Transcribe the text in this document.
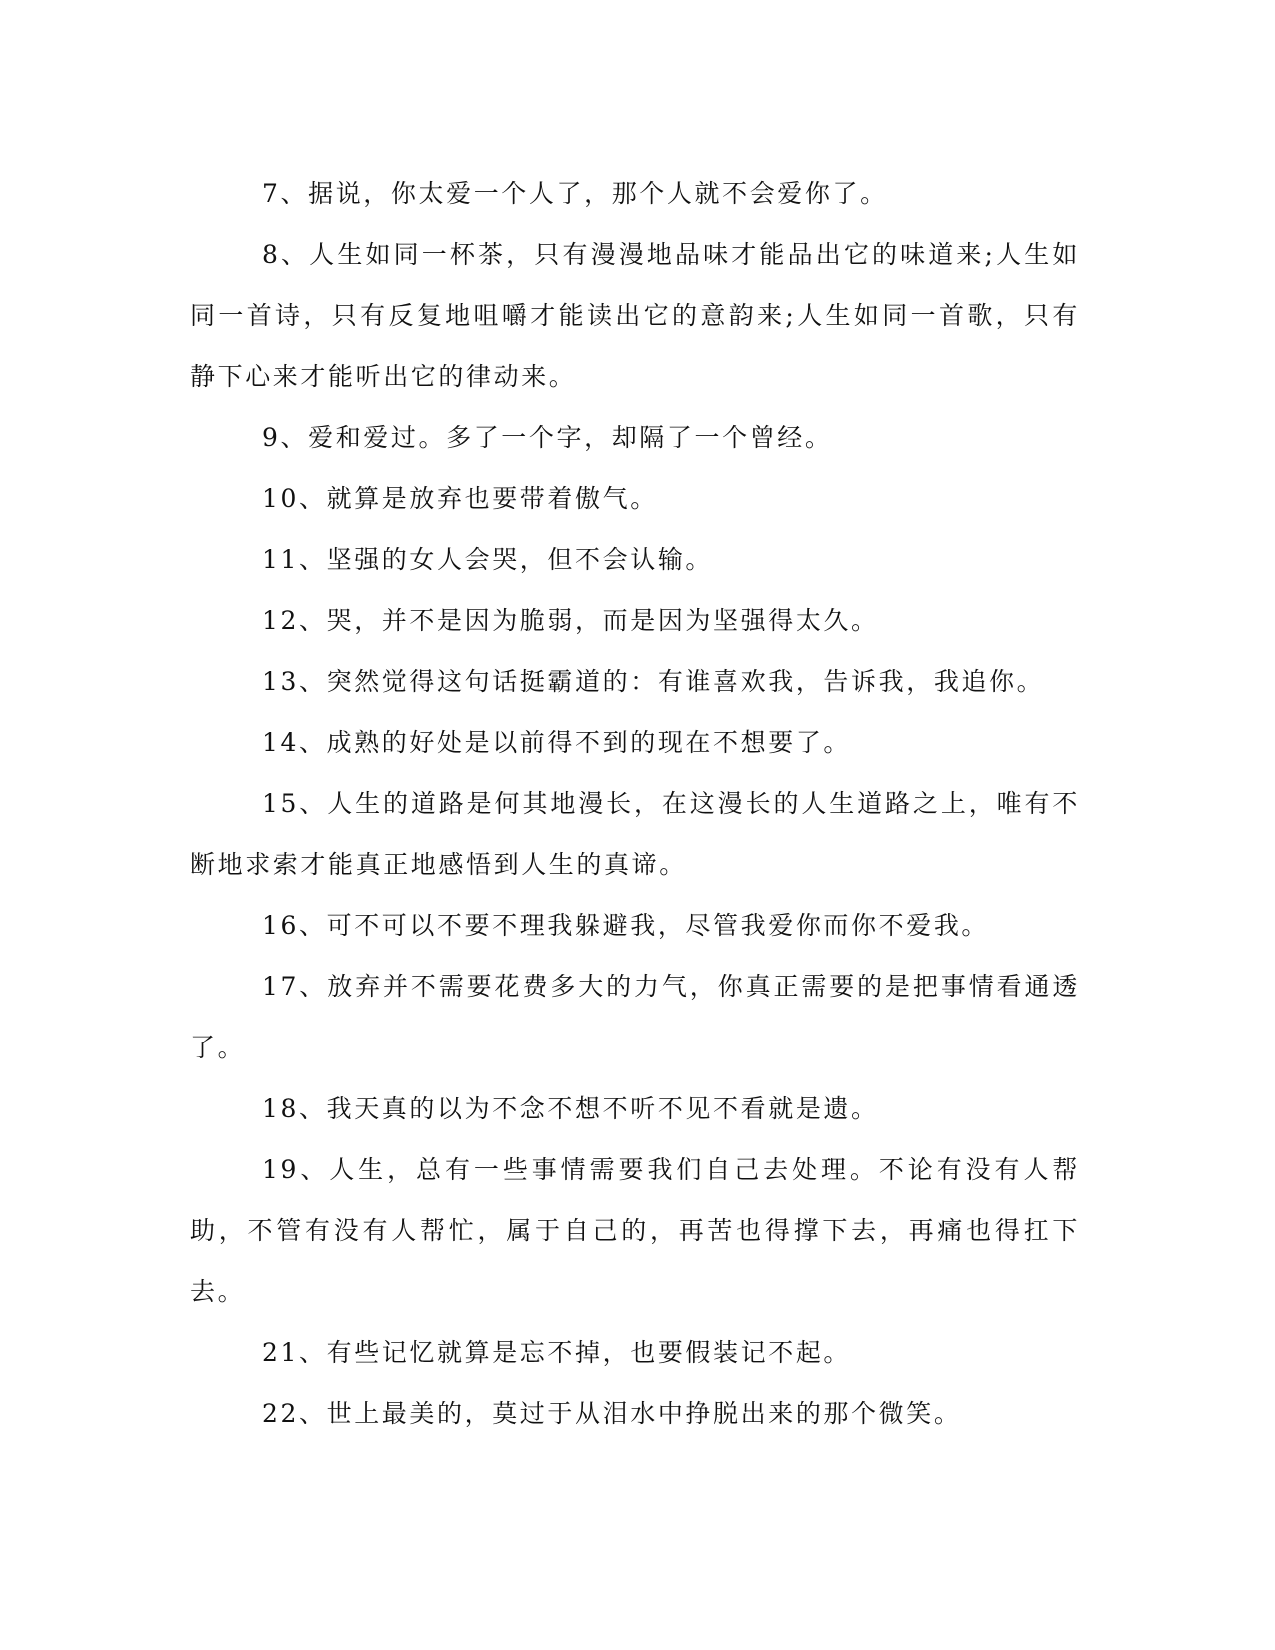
7、据说，你太爱一个人了，那个人就不会爱你了。

8、人生如同一杯茶，只有漫漫地品味才能品出它的味道来;人生如同一首诗，只有反复地咀嚼才能读出它的意韵来;人生如同一首歌，只有静下心来才能听出它的律动来。

9、爱和爱过。多了一个字，却隔了一个曾经。

10、就算是放弃也要带着傲气。

11、坚强的女人会哭，但不会认输。

12、哭，并不是因为脆弱，而是因为坚强得太久。

13、突然觉得这句话挺霸道的：有谁喜欢我，告诉我，我追你。

14、成熟的好处是以前得不到的现在不想要了。

15、人生的道路是何其地漫长，在这漫长的人生道路之上，唯有不断地求索才能真正地感悟到人生的真谛。

16、可不可以不要不理我躲避我，尽管我爱你而你不爱我。

17、放弃并不需要花费多大的力气，你真正需要的是把事情看通透了。

18、我天真的以为不念不想不听不见不看就是遗。

19、人生，总有一些事情需要我们自己去处理。不论有没有人帮助，不管有没有人帮忙，属于自己的，再苦也得撑下去，再痛也得扛下去。

21、有些记忆就算是忘不掉，也要假装记不起。

22、世上最美的，莫过于从泪水中挣脱出来的那个微笑。
